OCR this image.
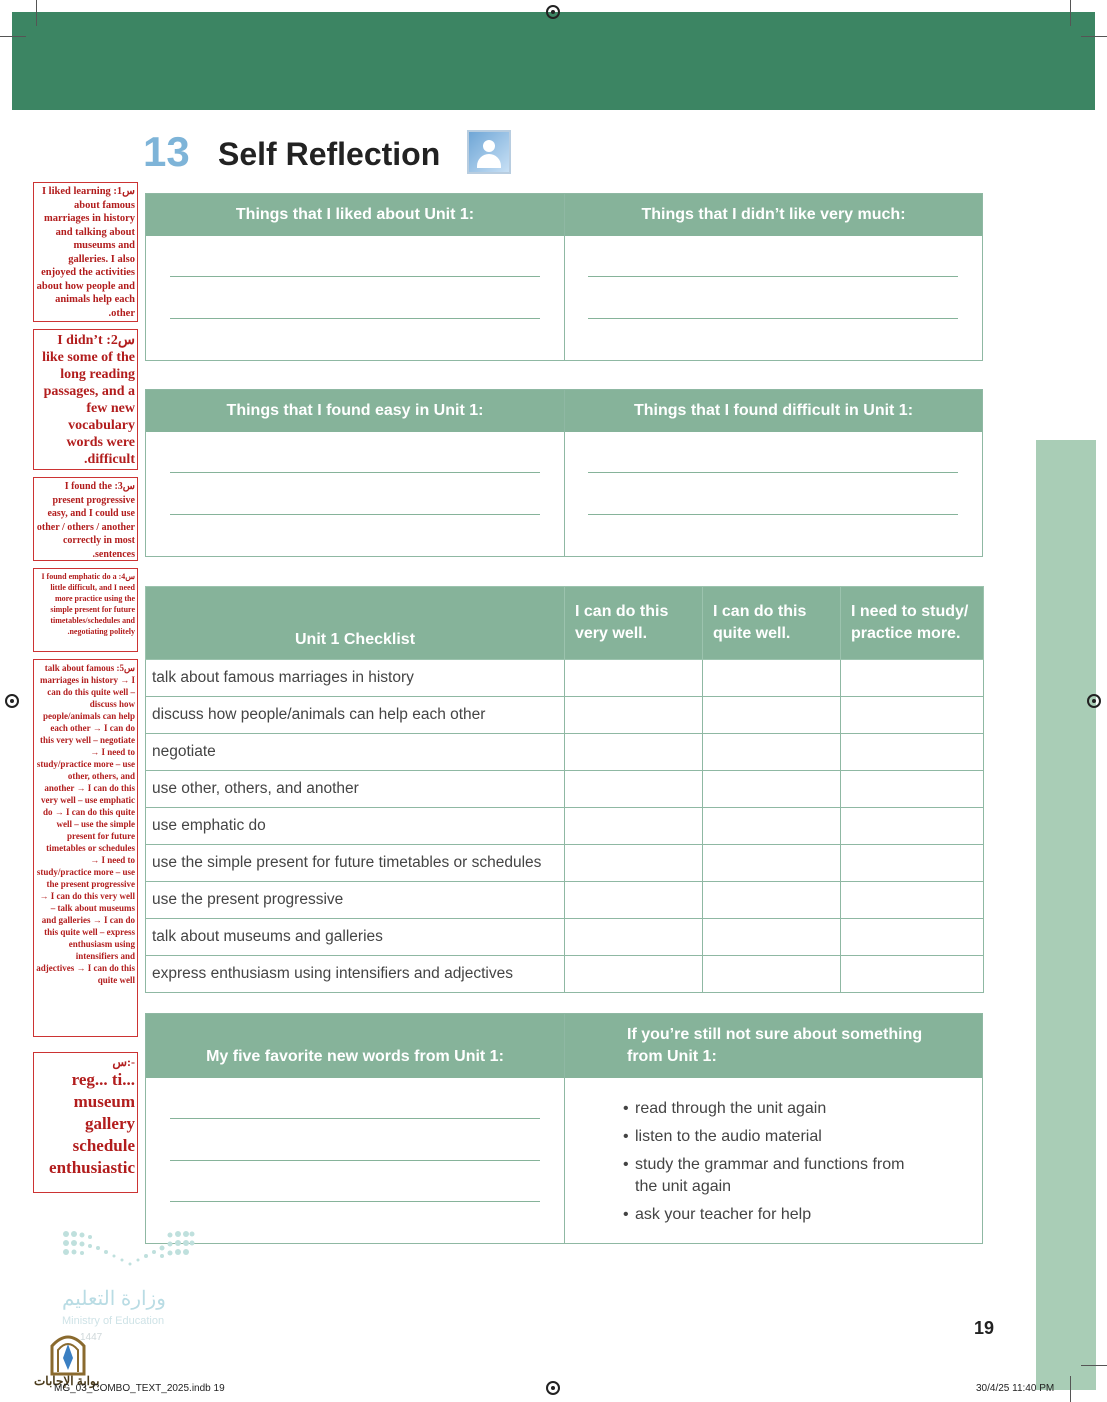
13 Self Reflection
Things that I liked about Unit 1:	Things that I didn’t like very much:
Things that I found easy in Unit 1:	Things that I found difficult in Unit 1:
Unit 1 Checklist	I can do this very well.	I can do this quite well.	I need to study/ practice more.
talk about famous marriages in history			
discuss how people/animals can help each other			
negotiate			
use other, others, and another			
use emphatic do			
use the simple present for future timetables or schedules			
use the present progressive			
talk about museums and galleries			
express enthusiasm using intensifiers and adjectives			
My five favorite new words from Unit 1:
If you’re still not sure about something from Unit 1:
• read through the unit again
• listen to the audio material
• study the grammar and functions from the unit again
• ask your teacher for help
س1: I liked learning about famous marriages in history and talking about museums and galleries. I also enjoyed the activities about how people and animals help each other.
س2: I didn’t like some of the long reading passages, and a few new vocabulary words were difficult.
س3: I found the present progressive easy, and I could use other / others / another correctly in most sentences.
س4: I found emphatic do a little difficult, and I need more practice using the simple present for future timetables/schedules and negotiating politely.
س5: talk about famous marriages in history → I can do this quite well – discuss how people/animals can help each other → I can do this very well – negotiate → I need to study/practice more – use other, others, and another → I can do this very well – use emphatic do → I can do this quite well – use the simple present for future timetables or schedules → I need to study/practice more – use the present progressive → I can do this very well – talk about museums and galleries → I can do this quite well – express enthusiasm using intensifiers and adjectives → I can do this quite well
س:-
reg... ti...
museum
gallery
schedule
enthusiastic
وزارة التعليم
Ministry of Education
1447
بوابة الإجابات
19
MG_03_COMBO_TEXT_2025.indb 19	30/4/25 11:40 PM
